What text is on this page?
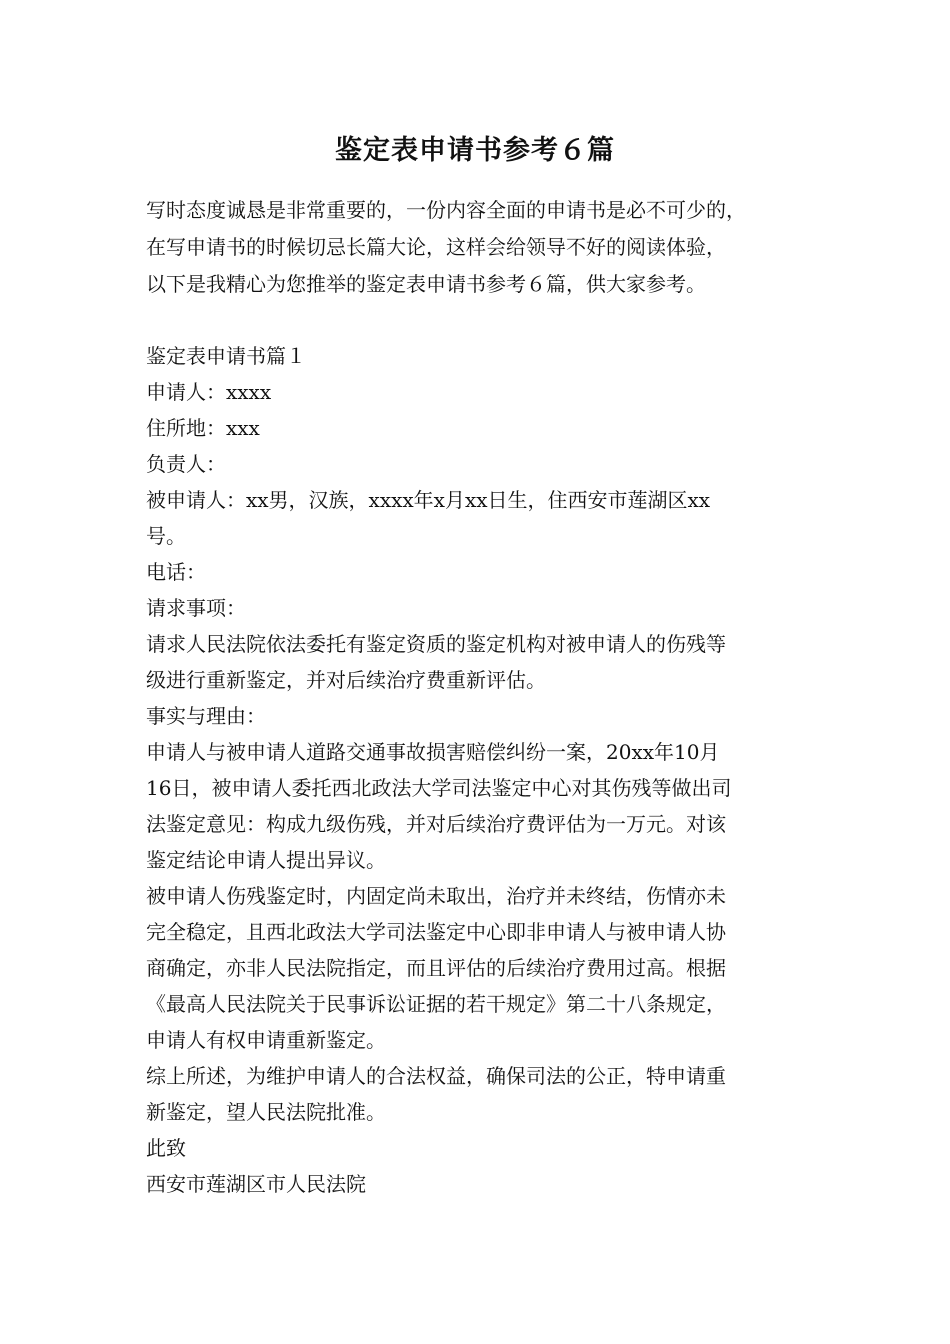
鉴定表申请书参考６篇

写时态度诚恳是非常重要的，一份内容全面的申请书是必不可少的，
在写申请书的时候切忌长篇大论，这样会给领导不好的阅读体验，
以下是我精心为您推举的鉴定表申请书参考６篇，供大家参考。

鉴定表申请书篇１
申请人：xxxx
住所地：xxx
负责人：
被申请人：xx男，汉族，xxxx年x月xx日生，住西安市莲湖区xx
号。
电话：
请求事项：
请求人民法院依法委托有鉴定资质的鉴定机构对被申请人的伤残等
级进行重新鉴定，并对后续治疗费重新评估。
事实与理由：
申请人与被申请人道路交通事故损害赔偿纠纷一案，20xx年10月
16日，被申请人委托西北政法大学司法鉴定中心对其伤残等做出司
法鉴定意见：构成九级伤残，并对后续治疗费评估为一万元。对该
鉴定结论申请人提出异议。
被申请人伤残鉴定时，内固定尚未取出，治疗并未终结，伤情亦未
完全稳定，且西北政法大学司法鉴定中心即非申请人与被申请人协
商确定，亦非人民法院指定，而且评估的后续治疗费用过高。根据
《最高人民法院关于民事诉讼证据的若干规定》第二十八条规定，
申请人有权申请重新鉴定。
综上所述，为维护申请人的合法权益，确保司法的公正，特申请重
新鉴定，望人民法院批准。
此致
西安市莲湖区市人民法院
